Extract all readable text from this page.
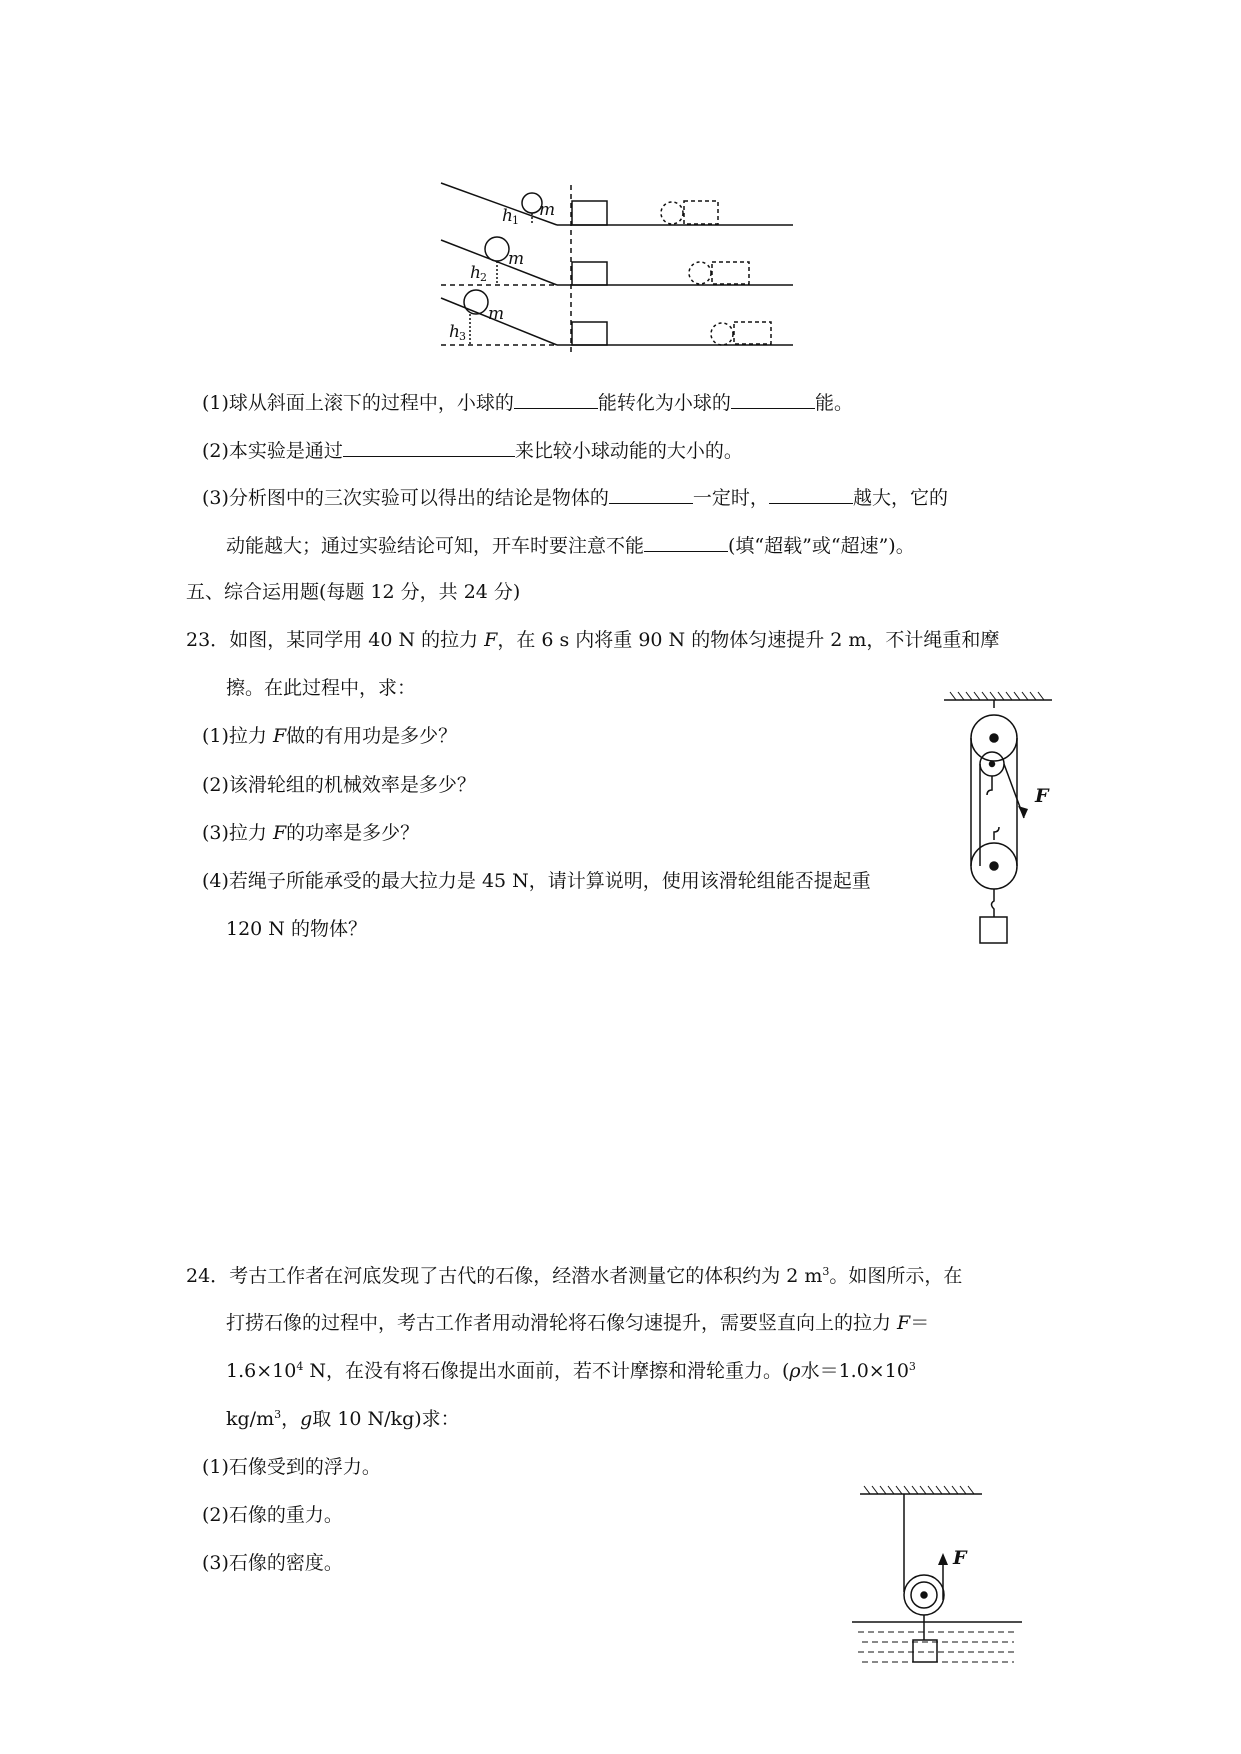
m
m
m
h
h
h
1
2
3
(1)球从斜面上滚下的过程中，小球的	能转化为小球的	能。
(2)本实验是通过	来比较小球动能的大小的。
(3)分析图中的三次实验可以得出的结论是物体的	一定时，	越大，它的
动能越大；通过实验结论可知，开车时要注意不能	(填“超载”或“超速”)。
五、综合运用题(每题 12 分，共 24 分)
23．如图，某同学用 40 N 的拉力 F，在 6 s 内将重 90 N 的物体匀速提升 2 m，不计绳重和摩
擦。在此过程中，求：
(1)拉力 F做的有用功是多少？
(2)该滑轮组的机械效率是多少？
(3)拉力 F的功率是多少？
(4)若绳子所能承受的最大拉力是 45 N，请计算说明，使用该滑轮组能否提起重
120 N 的物体？
F
24．考古工作者在河底发现了古代的石像，经潜水者测量它的体积约为 2 $m^3$。如图所示，在
打捞石像的过程中，考古工作者用动滑轮将石像匀速提升，需要竖直向上的拉力 F＝
$1.6\times 10^4$ N，在没有将石像提出水面前，若不计摩擦和滑轮重力。(ρ水$=1.0\times 10^3$
$kg/m^3$，g取 10 N/kg)求：
(1)石像受到的浮力。
(2)石像的重力。
(3)石像的密度。	F
